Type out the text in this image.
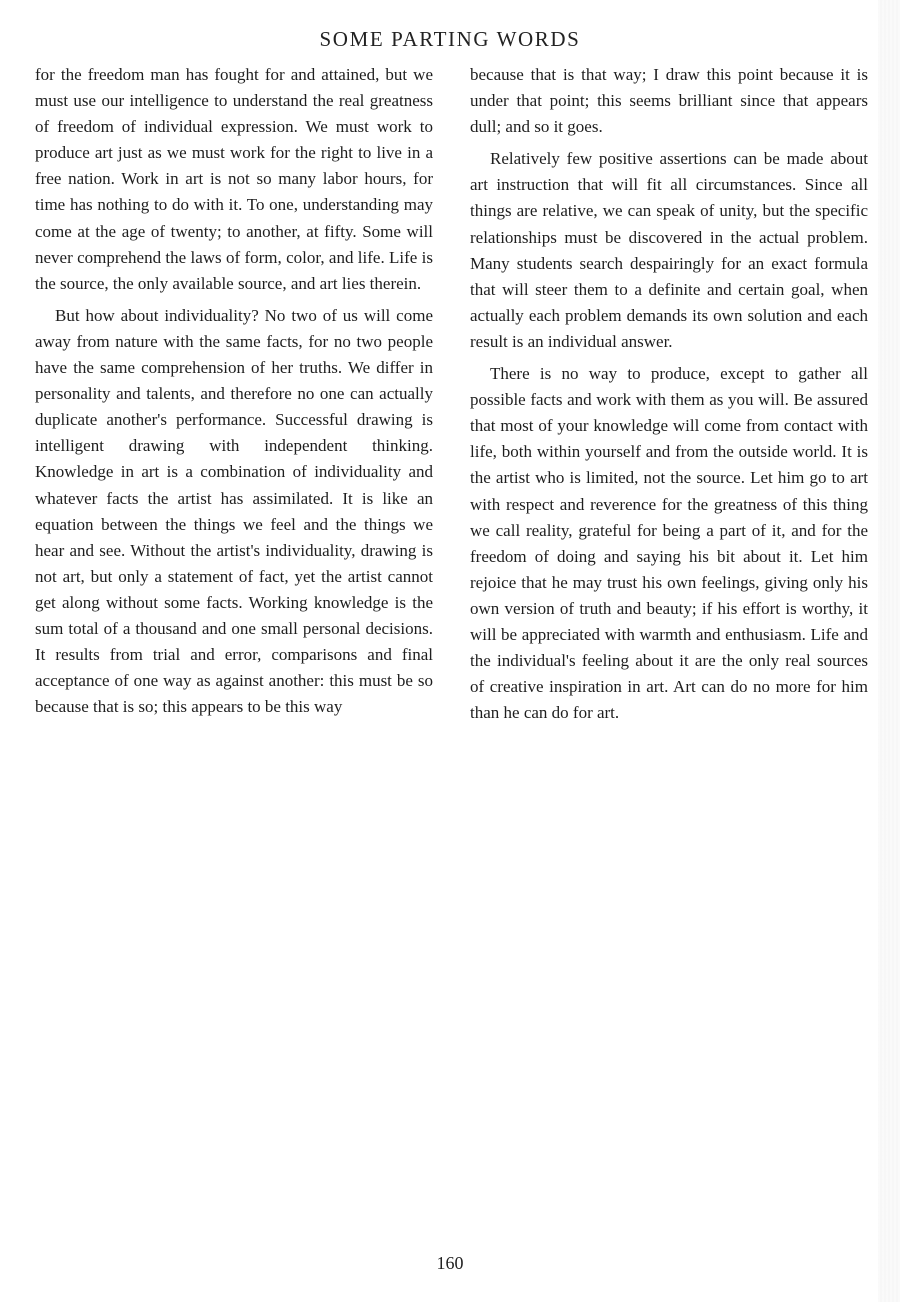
SOME PARTING WORDS

for the freedom man has fought for and attained, but we must use our intelligence to understand the real greatness of freedom of individual expression. We must work to produce art just as we must work for the right to live in a free nation. Work in art is not so many labor hours, for time has nothing to do with it. To one, understanding may come at the age of twenty; to another, at fifty. Some will never comprehend the laws of form, color, and life. Life is the source, the only available source, and art lies therein.

But how about individuality? No two of us will come away from nature with the same facts, for no two people have the same comprehension of her truths. We differ in personality and talents, and therefore no one can actually duplicate another's performance. Successful drawing is intelligent drawing with independent thinking. Knowledge in art is a combination of individuality and whatever facts the artist has assimilated. It is like an equation between the things we feel and the things we hear and see. Without the artist's individuality, drawing is not art, but only a statement of fact, yet the artist cannot get along without some facts. Working knowledge is the sum total of a thousand and one small personal decisions. It results from trial and error, comparisons and final acceptance of one way as against another: this must be so because that is so; this appears to be this way

because that is that way; I draw this point because it is under that point; this seems brilliant since that appears dull; and so it goes.

Relatively few positive assertions can be made about art instruction that will fit all circumstances. Since all things are relative, we can speak of unity, but the specific relationships must be discovered in the actual problem. Many students search despairingly for an exact formula that will steer them to a definite and certain goal, when actually each problem demands its own solution and each result is an individual answer.

There is no way to produce, except to gather all possible facts and work with them as you will. Be assured that most of your knowledge will come from contact with life, both within yourself and from the outside world. It is the artist who is limited, not the source. Let him go to art with respect and reverence for the greatness of this thing we call reality, grateful for being a part of it, and for the freedom of doing and saying his bit about it. Let him rejoice that he may trust his own feelings, giving only his own version of truth and beauty; if his effort is worthy, it will be appreciated with warmth and enthusiasm. Life and the individual's feeling about it are the only real sources of creative inspiration in art. Art can do no more for him than he can do for art.

160
